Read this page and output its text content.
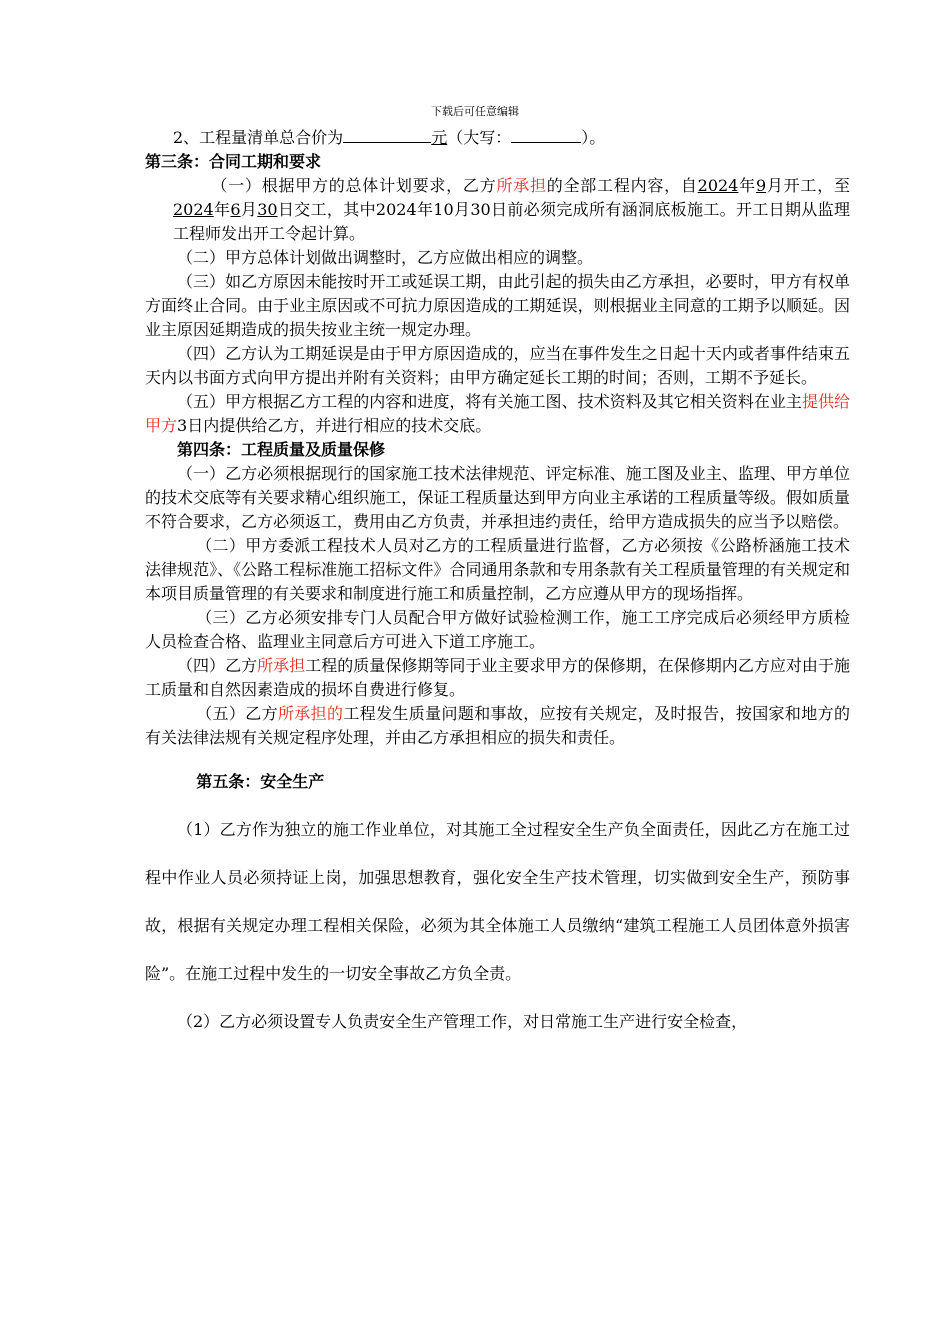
下载后可任意编辑

2、工程量清单总合价为	元（大写：	）。

第三条：合同工期和要求

（一）根据甲方的总体计划要求，乙方所承担的全部工程内容，自2024年9月开工，至2024年6月30日交工，其中2024年10月30日前必须完成所有涵洞底板施工。开工日期从监理工程师发出开工令起计算。

（二）甲方总体计划做出调整时，乙方应做出相应的调整。

（三）如乙方原因未能按时开工或延误工期，由此引起的损失由乙方承担，必要时，甲方有权单方面终止合同。由于业主原因或不可抗力原因造成的工期延误，则根据业主同意的工期予以顺延。因业主原因延期造成的损失按业主统一规定办理。

（四）乙方认为工期延误是由于甲方原因造成的，应当在事件发生之日起十天内或者事件结束五天内以书面方式向甲方提出并附有关资料；由甲方确定延长工期的时间；否则，工期不予延长。

（五）甲方根据乙方工程的内容和进度，将有关施工图、技术资料及其它相关资料在业主提供给甲方3日内提供给乙方，并进行相应的技术交底。

第四条：工程质量及质量保修

（一）乙方必须根据现行的国家施工技术法律规范、评定标准、施工图及业主、监理、甲方单位的技术交底等有关要求精心组织施工，保证工程质量达到甲方向业主承诺的工程质量等级。假如质量不符合要求，乙方必须返工，费用由乙方负责，并承担违约责任，给甲方造成损失的应当予以赔偿。

（二）甲方委派工程技术人员对乙方的工程质量进行监督，乙方必须按《公路桥涵施工技术法律规范》、《公路工程标准施工招标文件》合同通用条款和专用条款有关工程质量管理的有关规定和本项目质量管理的有关要求和制度进行施工和质量控制，乙方应遵从甲方的现场指挥。

（三）乙方必须安排专门人员配合甲方做好试验检测工作，施工工序完成后必须经甲方质检人员检查合格、监理业主同意后方可进入下道工序施工。

（四）乙方所承担工程的质量保修期等同于业主要求甲方的保修期，在保修期内乙方应对由于施工质量和自然因素造成的损坏自费进行修复。

（五）乙方所承担的工程发生质量问题和事故，应按有关规定，及时报告，按国家和地方的有关法律法规有关规定程序处理，并由乙方承担相应的损失和责任。

第五条：安全生产

（1）乙方作为独立的施工作业单位，对其施工全过程安全生产负全面责任，因此乙方在施工过程中作业人员必须持证上岗，加强思想教育，强化安全生产技术管理，切实做到安全生产，预防事故，根据有关规定办理工程相关保险，必须为其全体施工人员缴纳“建筑工程施工人员团体意外损害险”。在施工过程中发生的一切安全事故乙方负全责。

（2）乙方必须设置专人负责安全生产管理工作，对日常施工生产进行安全检查，
